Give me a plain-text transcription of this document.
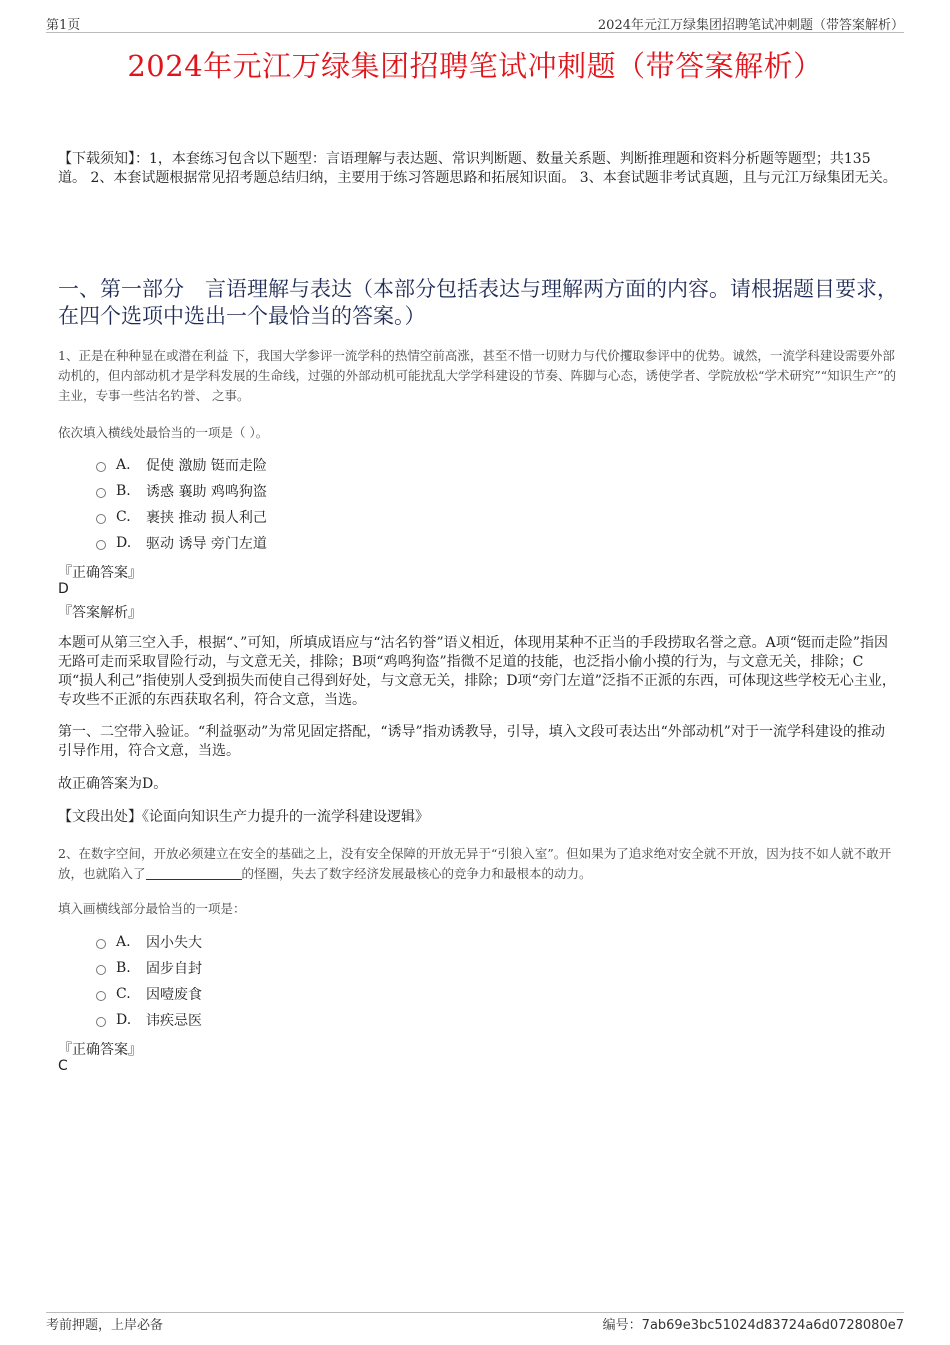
第1页	2024年元江万绿集团招聘笔试冲刺题（带答案解析）
2024年元江万绿集团招聘笔试冲刺题（带答案解析）
【下载须知】：1，本套练习包含以下题型：言语理解与表达题、常识判断题、数量关系题、判断推理题和资料分析题等题型；共135道。 2、本套试题根据常见招考题总结归纳，主要用于练习答题思路和拓展知识面。 3、本套试题非考试真题，且与元江万绿集团无关。
一、第一部分　言语理解与表达（本部分包括表达与理解两方面的内容。请根据题目要求，在四个选项中选出一个最恰当的答案。）
1、正是在种种显在或潜在利益 下，我国大学参评一流学科的热情空前高涨，甚至不惜一切财力与代价攫取参评中的优势。诚然，一流学科建设需要外部动机的，但内部动机才是学科发展的生命线，过强的外部动机可能扰乱大学学科建设的节奏、阵脚与心态，诱使学者、学院放松“学术研究”“知识生产”的主业，专事一些沽名钓誉、 之事。
依次填入横线处最恰当的一项是（ ）。
A.	促使 激励 铤而走险
B.	诱惑 襄助 鸡鸣狗盗
C.	裹挟 推动 损人利己
D.	驱动 诱导 旁门左道
『正确答案』
D
『答案解析』
本题可从第三空入手，根据“、”可知，所填成语应与“沽名钓誉”语义相近，体现用某种不正当的手段捞取名誉之意。A项“铤而走险”指因无路可走而采取冒险行动，与文意无关，排除；B项“鸡鸣狗盗”指微不足道的技能，也泛指小偷小摸的行为，与文意无关，排除；C项“损人利己”指使别人受到损失而使自己得到好处，与文意无关，排除；D项“旁门左道”泛指不正派的东西，可体现这些学校无心主业，专攻些不正派的东西获取名利，符合文意，当选。
第一、二空带入验证。“利益驱动”为常见固定搭配，“诱导”指劝诱教导，引导，填入文段可表达出“外部动机”对于一流学科建设的推动引导作用，符合文意，当选。
故正确答案为D。
【文段出处】《论面向知识生产力提升的一流学科建设逻辑》
2、在数字空间，开放必须建立在安全的基础之上，没有安全保障的开放无异于“引狼入室”。但如果为了追求绝对安全就不开放，因为技不如人就不敢开放，也就陷入了	的怪圈，失去了数字经济发展最核心的竞争力和最根本的动力。
填入画横线部分最恰当的一项是：
A.	因小失大
B.	固步自封
C.	因噎废食
D.	讳疾忌医
『正确答案』
C
考前押题，上岸必备	编号：7ab69e3bc51024d83724a6d0728080e7
